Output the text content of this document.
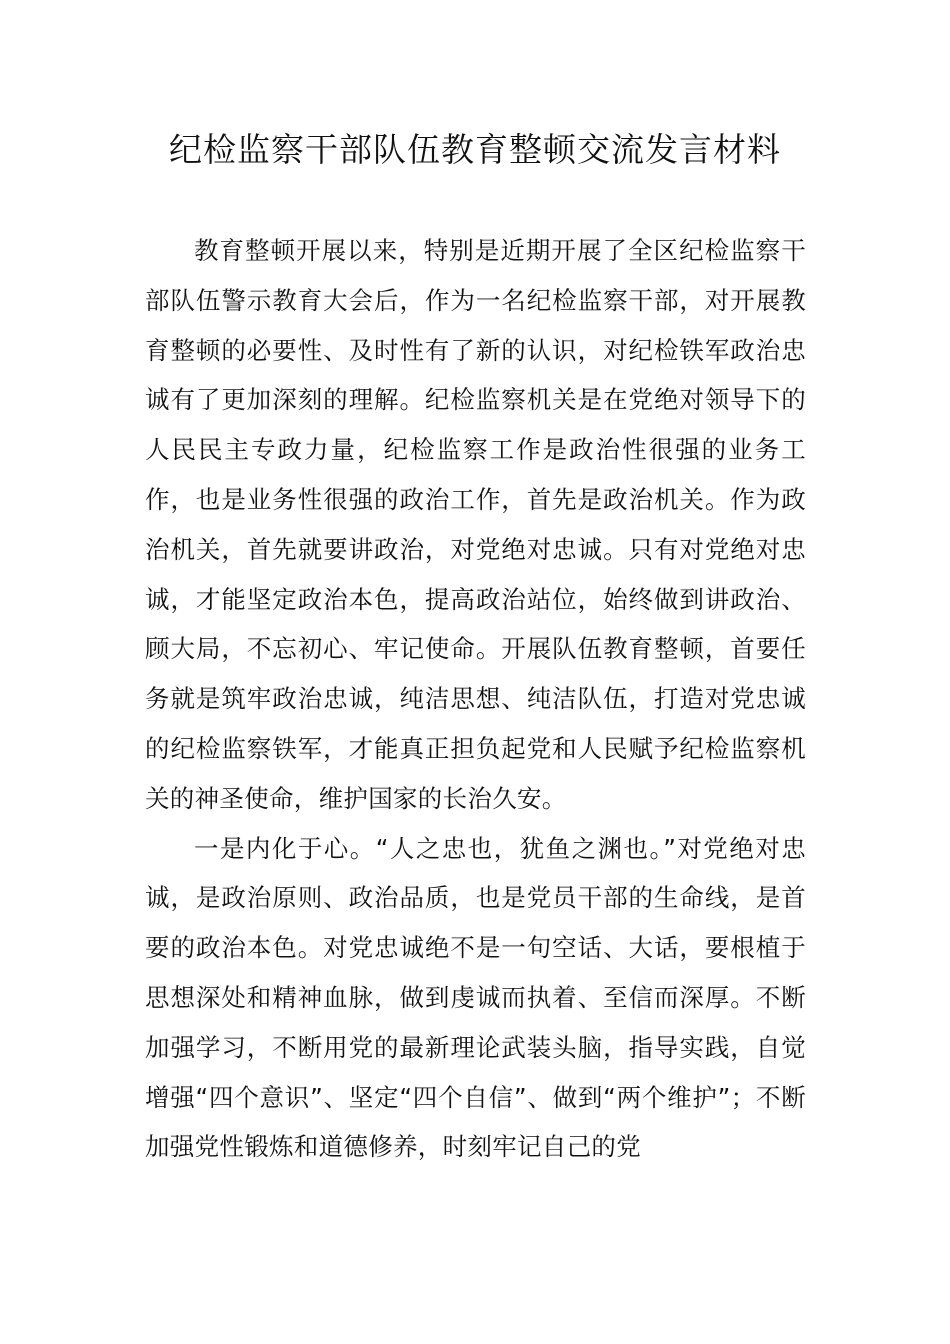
纪检监察干部队伍教育整顿交流发言材料

教育整顿开展以来，特别是近期开展了全区纪检监察干部队伍警示教育大会后，作为一名纪检监察干部，对开展教育整顿的必要性、及时性有了新的认识，对纪检铁军政治忠诚有了更加深刻的理解。纪检监察机关是在党绝对领导下的人民民主专政力量，纪检监察工作是政治性很强的业务工作，也是业务性很强的政治工作，首先是政治机关。作为政治机关，首先就要讲政治，对党绝对忠诚。只有对党绝对忠诚，才能坚定政治本色，提高政治站位，始终做到讲政治、顾大局，不忘初心、牢记使命。开展队伍教育整顿，首要任务就是筑牢政治忠诚，纯洁思想、纯洁队伍，打造对党忠诚的纪检监察铁军，才能真正担负起党和人民赋予纪检监察机关的神圣使命，维护国家的长治久安。

一是内化于心。“人之忠也，犹鱼之渊也。”对党绝对忠诚，是政治原则、政治品质，也是党员干部的生命线，是首要的政治本色。对党忠诚绝不是一句空话、大话，要根植于思想深处和精神血脉，做到虔诚而执着、至信而深厚。不断加强学习，不断用党的最新理论武装头脑，指导实践，自觉增强“四个意识”、坚定“四个自信”、做到“两个维护”；不断加强党性锻炼和道德修养，时刻牢记自己的党
